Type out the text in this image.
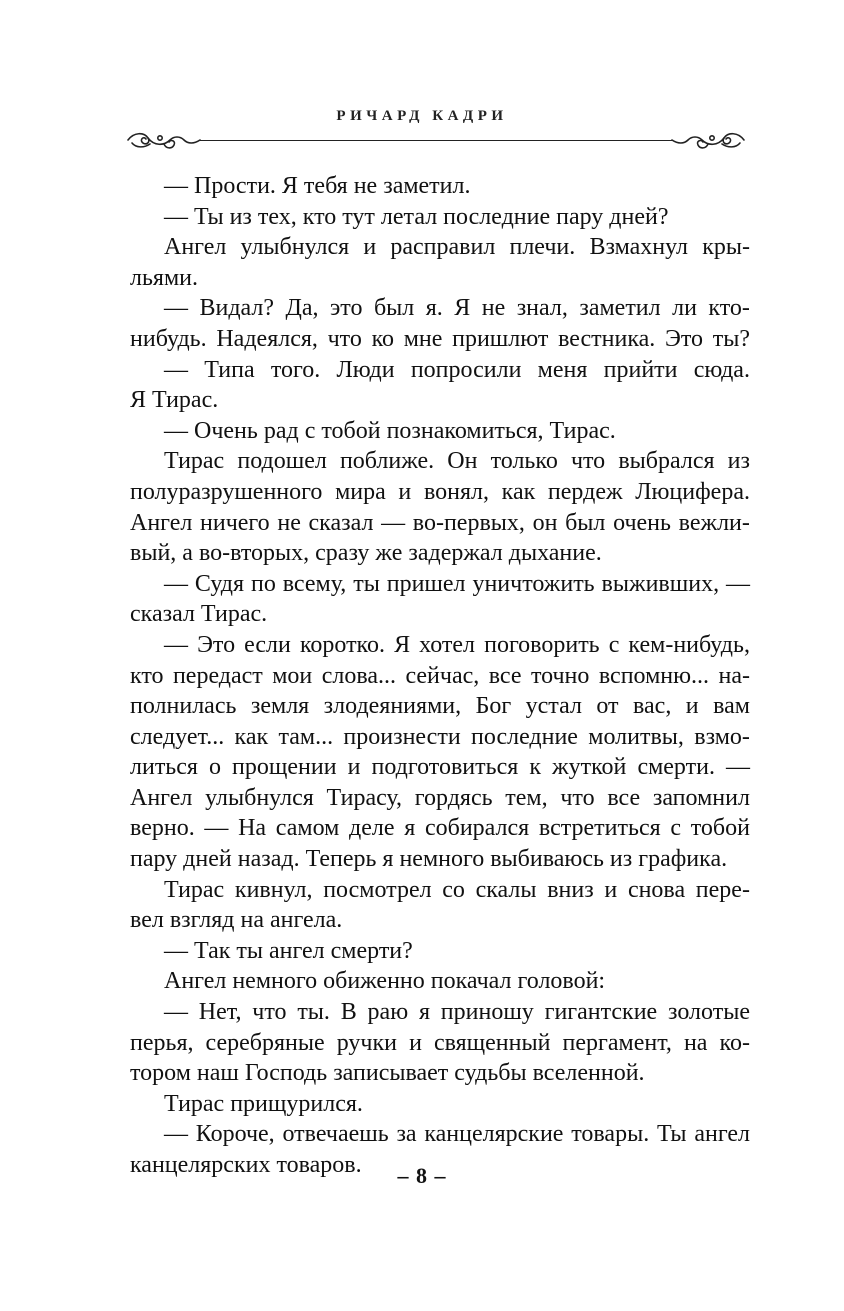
РИЧАРД КАДРИ
— Прости. Я тебя не заметил.
— Ты из тех, кто тут летал последние пару дней?
Ангел улыбнулся и расправил плечи. Взмахнул кры-
льями.
— Видал? Да, это был я. Я не знал, заметил ли кто-
нибудь. Надеялся, что ко мне пришлют вестника. Это ты?
— Типа того. Люди попросили меня прийти сюда.
Я Тирас.
— Очень рад с тобой познакомиться, Тирас.
Тирас подошел поближе. Он только что выбрался из
полуразрушенного мира и вонял, как пердеж Люцифера.
Ангел ничего не сказал — во-первых, он был очень вежли-
вый, а во-вторых, сразу же задержал дыхание.
— Судя по всему, ты пришел уничтожить выживших, —
сказал Тирас.
— Это если коротко. Я хотел поговорить с кем-нибудь,
кто передаст мои слова... сейчас, все точно вспомню... на-
полнилась земля злодеяниями, Бог устал от вас, и вам
следует... как там... произнести последние молитвы, взмо-
литься о прощении и подготовиться к жуткой смерти. —
Ангел улыбнулся Тирасу, гордясь тем, что все запомнил
верно. — На самом деле я собирался встретиться с тобой
пару дней назад. Теперь я немного выбиваюсь из графика.
Тирас кивнул, посмотрел со скалы вниз и снова пере-
вел взгляд на ангела.
— Так ты ангел смерти?
Ангел немного обиженно покачал головой:
— Нет, что ты. В раю я приношу гигантские золотые
перья, серебряные ручки и священный пергамент, на ко-
тором наш Господь записывает судьбы вселенной.
Тирас прищурился.
— Короче, отвечаешь за канцелярские товары. Ты ангел
канцелярских товаров.	– 8 –
